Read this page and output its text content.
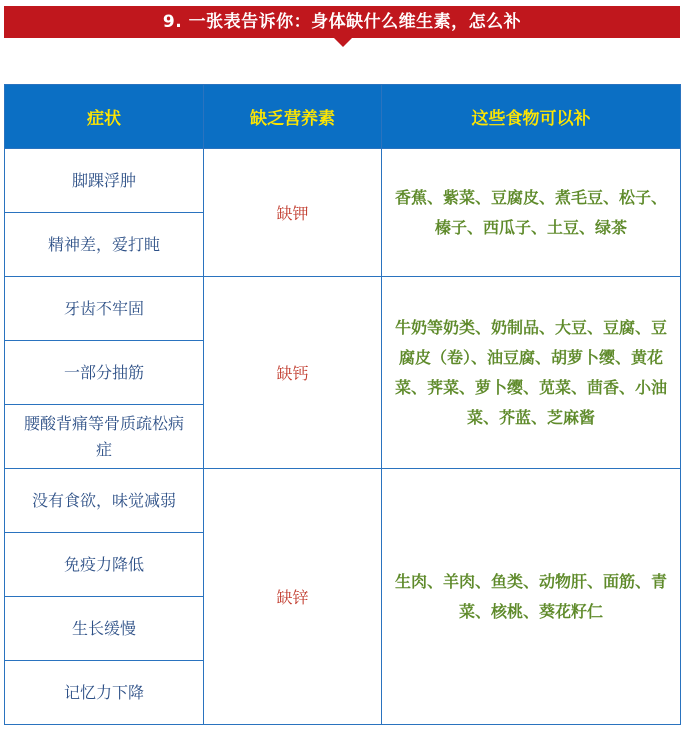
9. 一张表告诉你：身体缺什么维生素，怎么补
症状	缺乏营养素	这些食物可以补
脚踝浮肿	缺钾	香蕉、紫菜、豆腐皮、煮毛豆、松子、榛子、西瓜子、土豆、绿茶
精神差，爱打盹		
牙齿不牢固	缺钙	牛奶等奶类、奶制品、大豆、豆腐、豆腐皮（卷）、油豆腐、胡萝卜缨、黄花菜、荠菜、萝卜缨、苋菜、茴香、小油菜、芥蓝、芝麻酱
一部分抽筋		
腰酸背痛等骨质疏松病症		
没有食欲，味觉减弱	缺锌	生肉、羊肉、鱼类、动物肝、面筋、青菜、核桃、葵花籽仁
免疫力降低		
生长缓慢		
记忆力下降		
